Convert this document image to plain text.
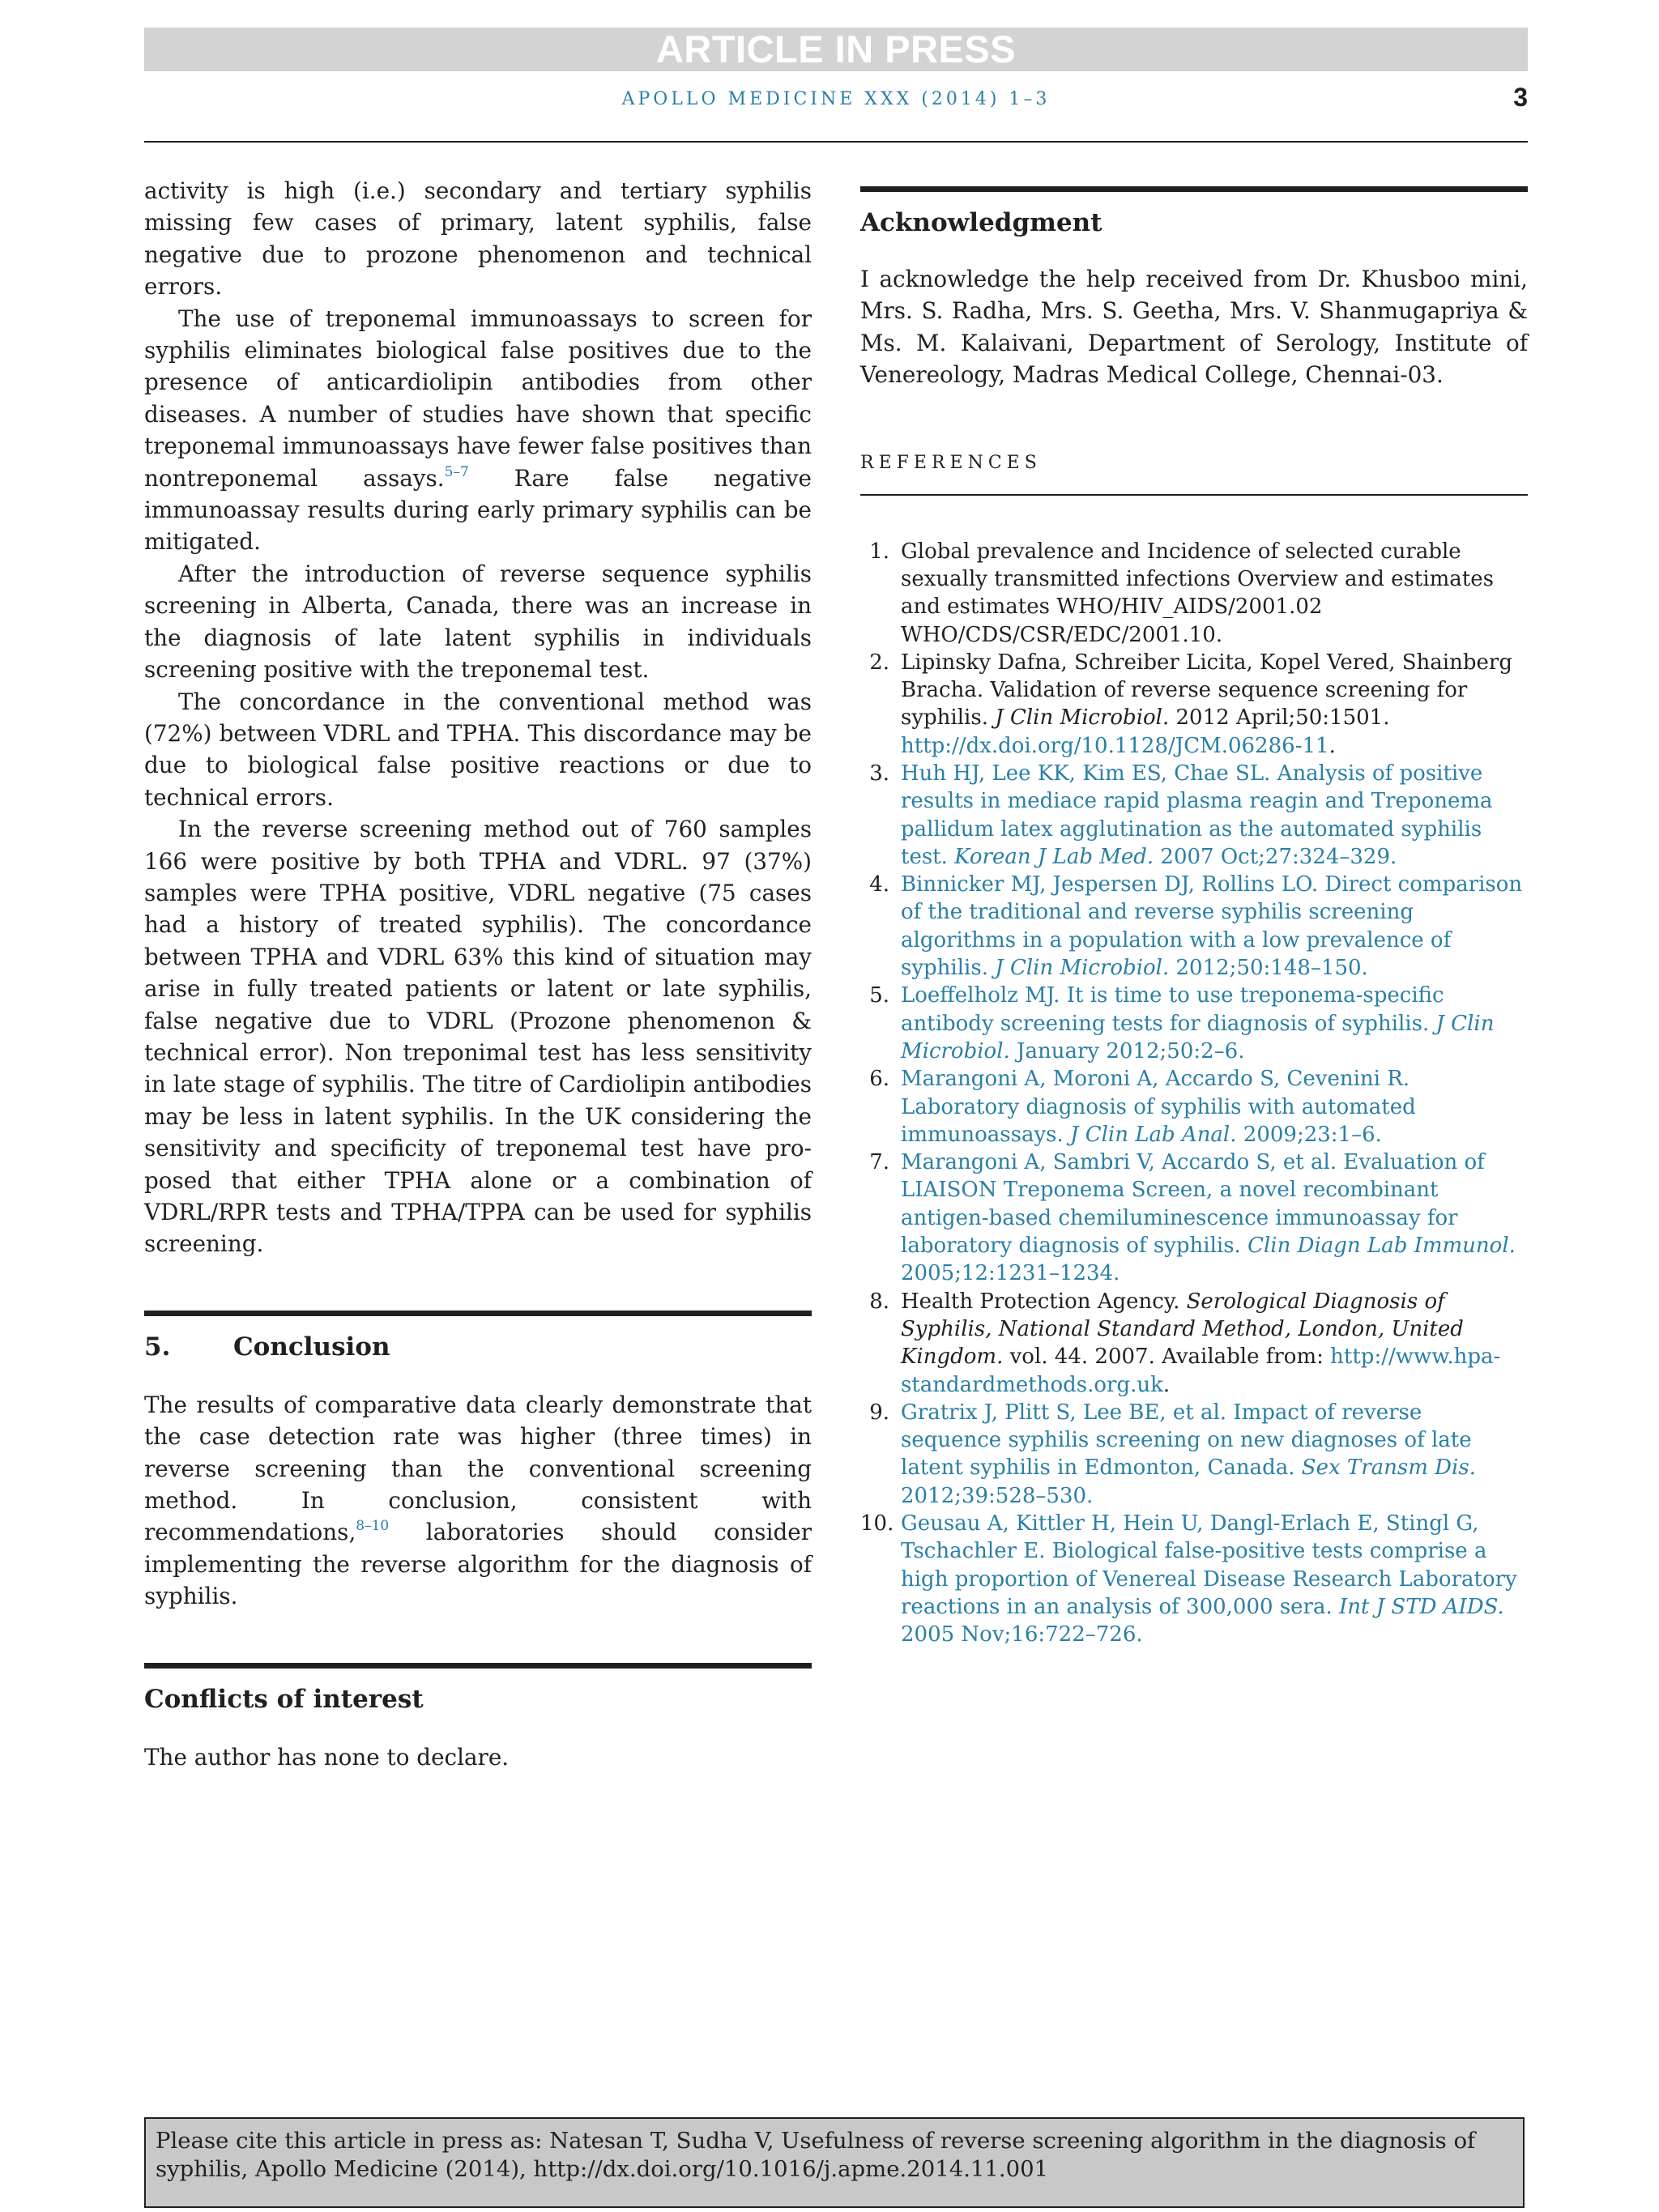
ARTICLE IN PRESS
APOLLO MEDICINE XXX (2014) 1–3	3

activity is high (i.e.) secondary and tertiary syphilis missing few cases of primary, latent syphilis, false negative due to prozone phenomenon and technical errors.

The use of treponemal immunoassays to screen for syphilis eliminates biological false positives due to the presence of anticardiolipin antibodies from other diseases. A number of studies have shown that specific treponemal immunoassays have fewer false positives than nontreponemal assays.$^{5-7}$ Rare false negative immunoassay results during early primary syphilis can be mitigated.

After the introduction of reverse sequence syphilis screening in Alberta, Canada, there was an increase in the diagnosis of late latent syphilis in individuals screening positive with the treponemal test.

The concordance in the conventional method was (72%) between VDRL and TPHA. This discordance may be due to biological false positive reactions or due to technical errors.

In the reverse screening method out of 760 samples 166 were positive by both TPHA and VDRL. 97 (37%) samples were TPHA positive, VDRL negative (75 cases had a history of treated syphilis). The concordance between TPHA and VDRL 63% this kind of situation may arise in fully treated patients or latent or late syphilis, false negative due to VDRL (Prozone phenomenon & technical error). Non treponimal test has less sensitivity in late stage of syphilis. The titre of Cardiolipin antibodies may be less in latent syphilis. In the UK considering the sensitivity and specificity of treponemal test have proposed that either TPHA alone or a combination of VDRL/RPR tests and TPHA/TPPA can be used for syphilis screening.

5.	Conclusion

The results of comparative data clearly demonstrate that the case detection rate was higher (three times) in reverse screening than the conventional screening method. In conclusion, consistent with recommendations,$^{8-10}$ laboratories should consider implementing the reverse algorithm for the diagnosis of syphilis.

Conflicts of interest

The author has none to declare.

Acknowledgment

I acknowledge the help received from Dr. Khusboo mini, Mrs. S. Radha, Mrs. S. Geetha, Mrs. V. Shanmugapriya & Ms. M. Kalaivani, Department of Serology, Institute of Venereology, Madras Medical College, Chennai-03.

REFERENCES

1. Global prevalence and Incidence of selected curable sexually transmitted infections Overview and estimates and estimates WHO/HIV_AIDS/2001.02 WHO/CDS/CSR/EDC/2001.10.
2. Lipinsky Dafna, Schreiber Licita, Kopel Vered, Shainberg Bracha. Validation of reverse sequence screening for syphilis. J Clin Microbiol. 2012 April;50:1501. http://dx.doi.org/10.1128/JCM.06286-11.
3. Huh HJ, Lee KK, Kim ES, Chae SL. Analysis of positive results in mediace rapid plasma reagin and Treponema pallidum latex agglutination as the automated syphilis test. Korean J Lab Med. 2007 Oct;27:324–329.
4. Binnicker MJ, Jespersen DJ, Rollins LO. Direct comparison of the traditional and reverse syphilis screening algorithms in a population with a low prevalence of syphilis. J Clin Microbiol. 2012;50:148–150.
5. Loeffelholz MJ. It is time to use treponema-specific antibody screening tests for diagnosis of syphilis. J Clin Microbiol. January 2012;50:2–6.
6. Marangoni A, Moroni A, Accardo S, Cevenini R. Laboratory diagnosis of syphilis with automated immunoassays. J Clin Lab Anal. 2009;23:1–6.
7. Marangoni A, Sambri V, Accardo S, et al. Evaluation of LIAISON Treponema Screen, a novel recombinant antigen-based chemiluminescence immunoassay for laboratory diagnosis of syphilis. Clin Diagn Lab Immunol. 2005;12:1231–1234.
8. Health Protection Agency. Serological Diagnosis of Syphilis, National Standard Method, London, United Kingdom. vol. 44. 2007. Available from: http://www.hpa-standardmethods.org.uk.
9. Gratrix J, Plitt S, Lee BE, et al. Impact of reverse sequence syphilis screening on new diagnoses of late latent syphilis in Edmonton, Canada. Sex Transm Dis. 2012;39:528–530.
10. Geusau A, Kittler H, Hein U, Dangl-Erlach E, Stingl G, Tschachler E. Biological false-positive tests comprise a high proportion of Venereal Disease Research Laboratory reactions in an analysis of 300,000 sera. Int J STD AIDS. 2005 Nov;16:722–726.
Please cite this article in press as: Natesan T, Sudha V, Usefulness of reverse screening algorithm in the diagnosis of syphilis, Apollo Medicine (2014), http://dx.doi.org/10.1016/j.apme.2014.11.001
